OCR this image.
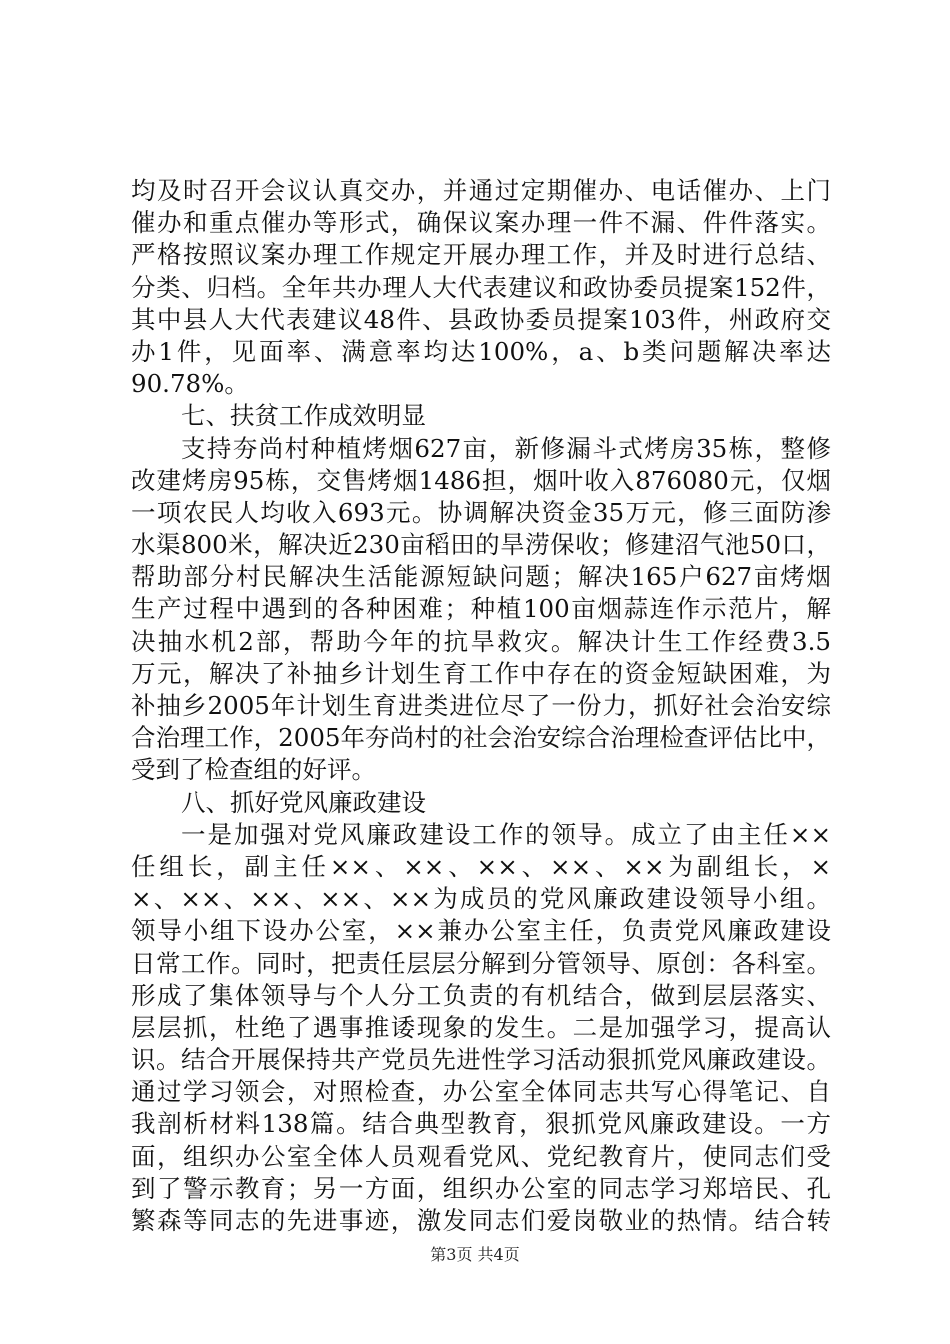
均及时召开会议认真交办，并通过定期催办、电话催办、上门
催办和重点催办等形式，确保议案办理一件不漏、件件落实。
严格按照议案办理工作规定开展办理工作，并及时进行总结、
分类、归档。全年共办理人大代表建议和政协委员提案152件，
其中县人大代表建议48件、县政协委员提案103件，州政府交
办1件，见面率、满意率均达100%，a、b类问题解决率达
90.78%。
七、扶贫工作成效明显
支持夯尚村种植烤烟627亩，新修漏斗式烤房35栋，整修
改建烤房95栋，交售烤烟1486担，烟叶收入876080元，仅烟
一项农民人均收入693元。协调解决资金35万元，修三面防渗
水渠800米，解决近230亩稻田的旱涝保收；修建沼气池50口，
帮助部分村民解决生活能源短缺问题；解决165户627亩烤烟
生产过程中遇到的各种困难；种植100亩烟蒜连作示范片，解
决抽水机2部，帮助今年的抗旱救灾。解决计生工作经费3.5
万元，解决了补抽乡计划生育工作中存在的资金短缺困难，为
补抽乡2005年计划生育进类进位尽了一份力，抓好社会治安综
合治理工作，2005年夯尚村的社会治安综合治理检查评估比中，
受到了检查组的好评。
八、抓好党风廉政建设
一是加强对党风廉政建设工作的领导。成立了由主任××
任组长，副主任××、××、××、××、××为副组长，×
×、××、××、××、××为成员的党风廉政建设领导小组。
领导小组下设办公室，××兼办公室主任，负责党风廉政建设
日常工作。同时，把责任层层分解到分管领导、原创：各科室。
形成了集体领导与个人分工负责的有机结合，做到层层落实、
层层抓，杜绝了遇事推诿现象的发生。二是加强学习，提高认
识。结合开展保持共产党员先进性学习活动狠抓党风廉政建设。
通过学习领会，对照检查，办公室全体同志共写心得笔记、自
我剖析材料138篇。结合典型教育，狠抓党风廉政建设。一方
面，组织办公室全体人员观看党风、党纪教育片，使同志们受
到了警示教育；另一方面，组织办公室的同志学习郑培民、孔
繁森等同志的先进事迹，激发同志们爱岗敬业的热情。结合转
第3页 共4页
